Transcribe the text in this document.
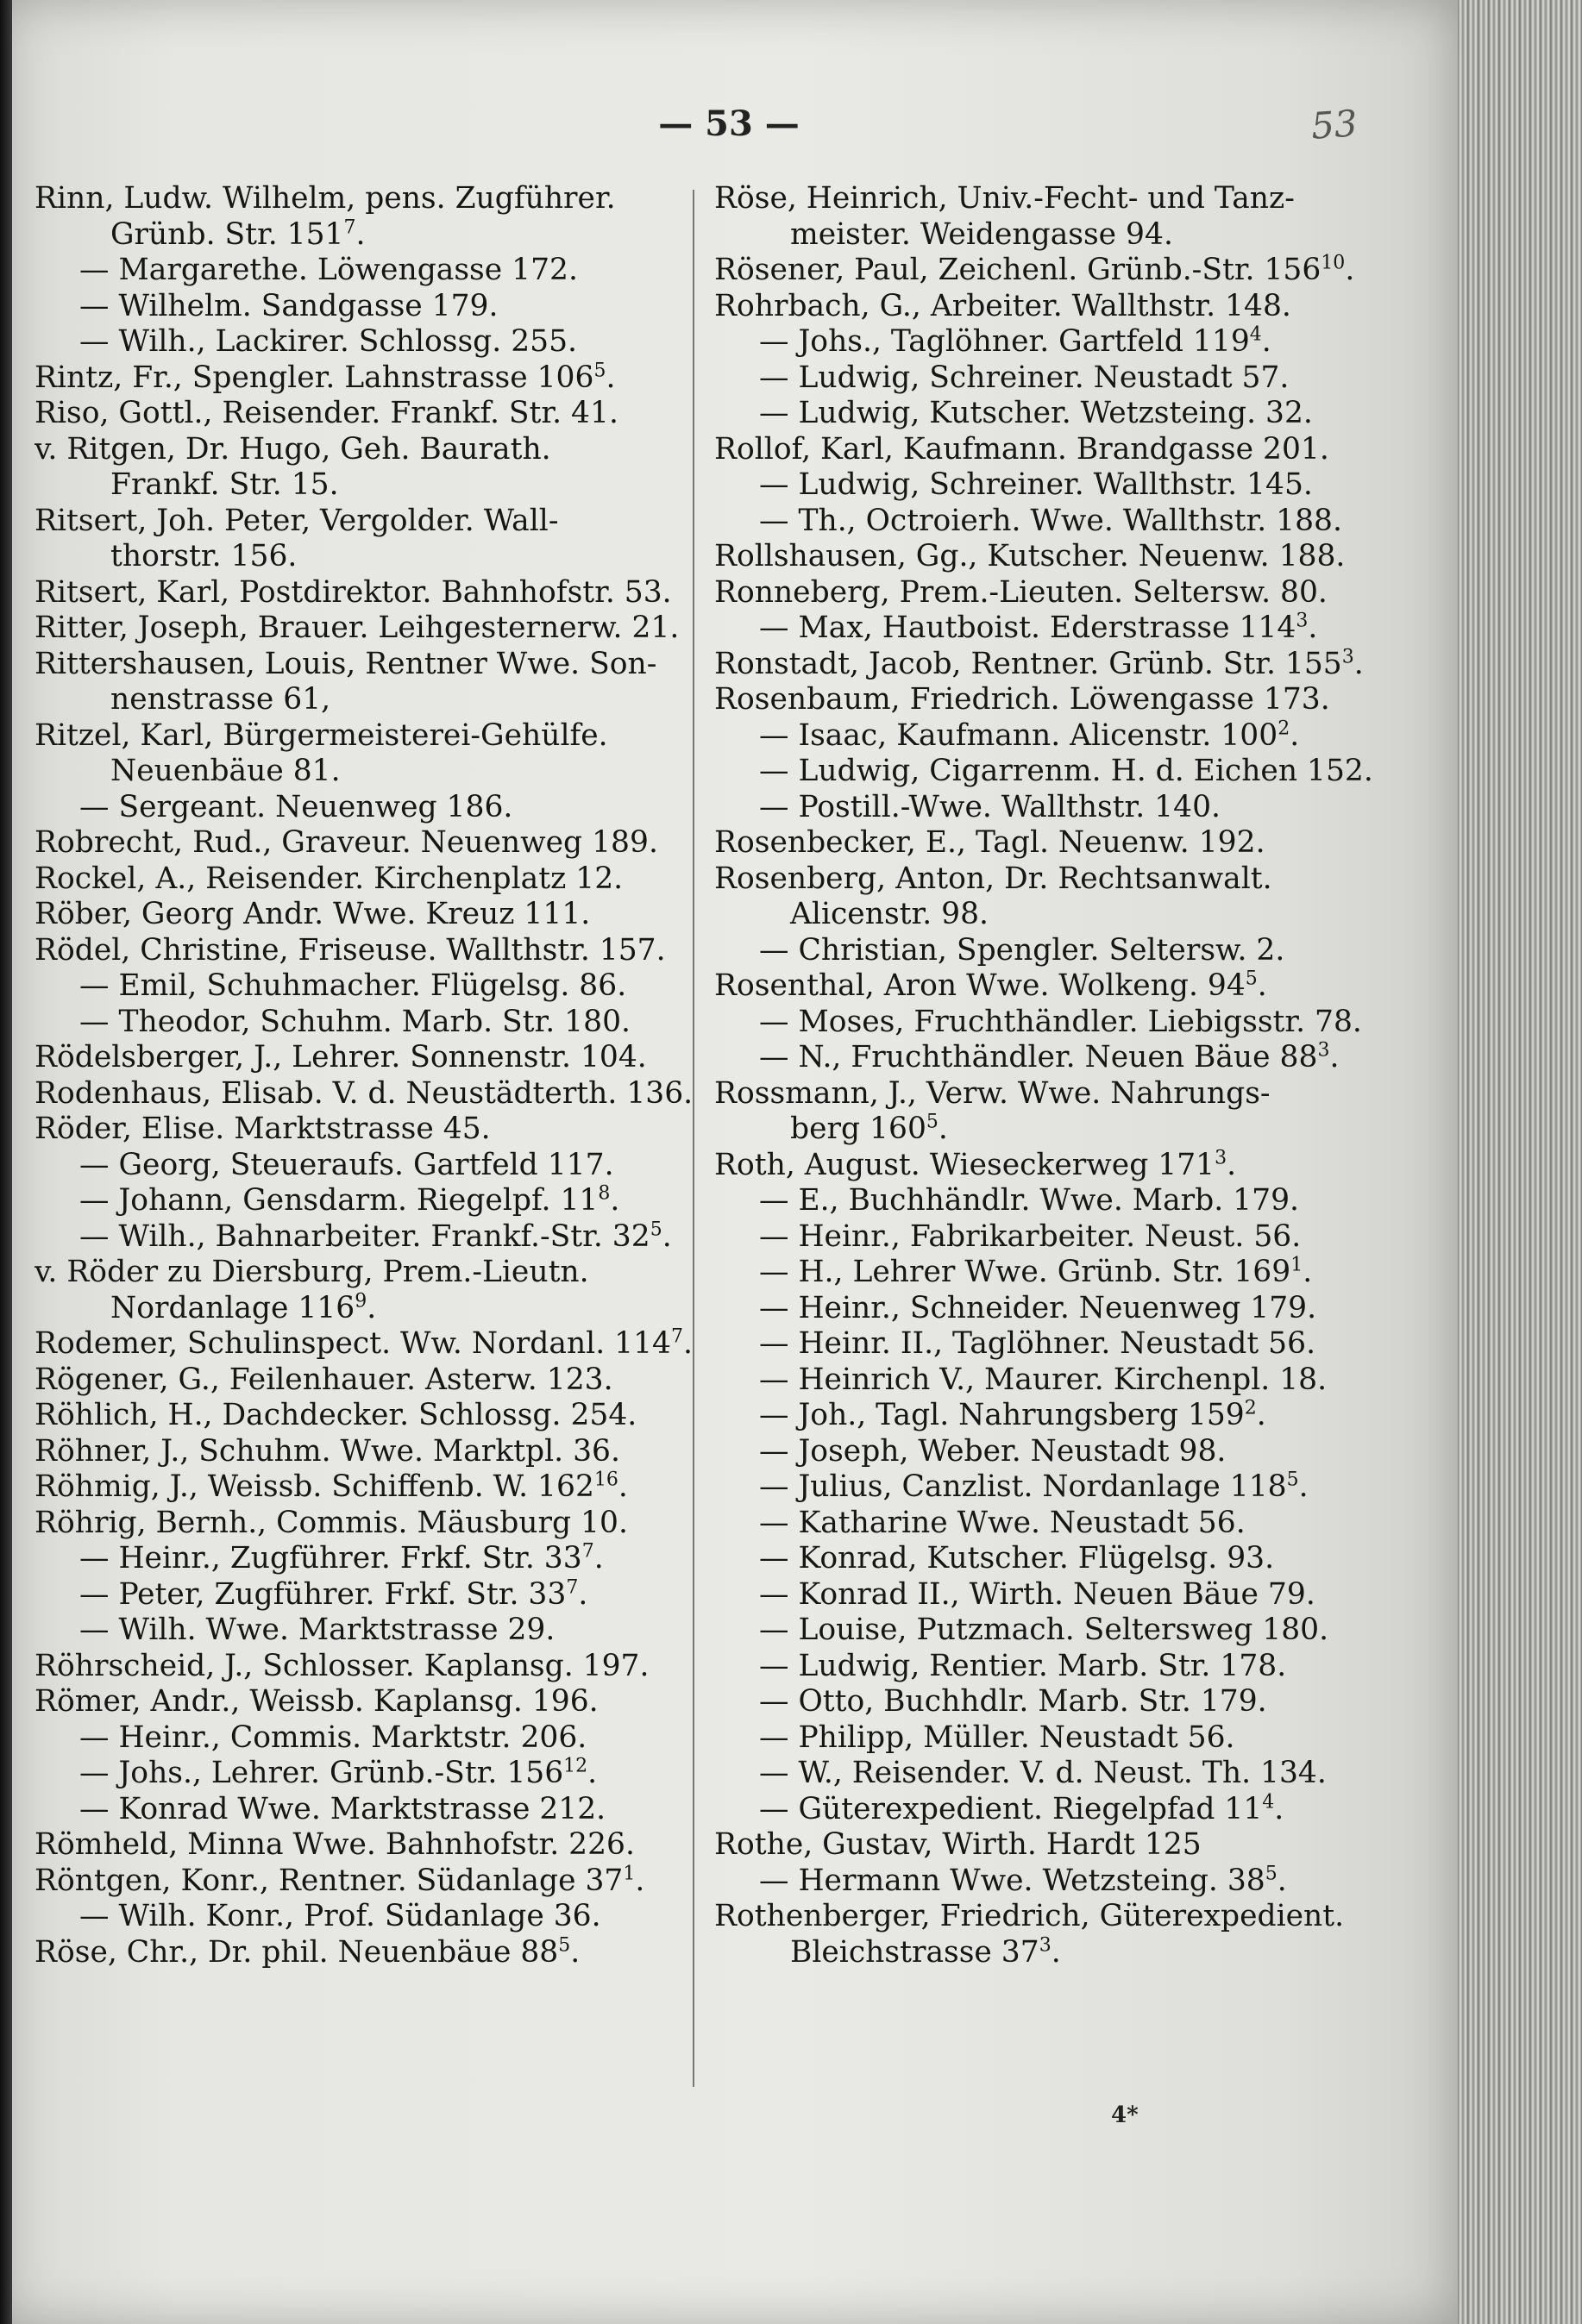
— 53 —	53
Rinn, Ludw. Wilhelm, pens. Zugführer.
Grünb. Str. $151^7$.
— Margarethe. Löwengasse 172.
— Wilhelm. Sandgasse 179.
— Wilh., Lackirer. Schlossg. 255.
Rintz, Fr., Spengler. Lahnstrasse $106^5$.
Riso, Gottl., Reisender. Frankf. Str. 41.
v. Ritgen, Dr. Hugo, Geh. Baurath.
Frankf. Str. 15.
Ritsert, Joh. Peter, Vergolder. Wall-
thorstr. 156.
Ritsert, Karl, Postdirektor. Bahnhofstr. 53.
Ritter, Joseph, Brauer. Leihgesternerw. 21.
Rittershausen, Louis, Rentner Wwe. Son-
nenstrasse 61,
Ritzel, Karl, Bürgermeisterei-Gehülfe.
Neuenbäue 81.
— Sergeant. Neuenweg 186.
Robrecht, Rud., Graveur. Neuenweg 189.
Rockel, A., Reisender. Kirchenplatz 12.
Röber, Georg Andr. Wwe. Kreuz 111.
Rödel, Christine, Friseuse. Wallthstr. 157.
— Emil, Schuhmacher. Flügelsg. 86.
— Theodor, Schuhm. Marb. Str. 180.
Rödelsberger, J., Lehrer. Sonnenstr. 104.
Rodenhaus, Elisab. V. d. Neustädterth. 136.
Röder, Elise. Marktstrasse 45.
— Georg, Steueraufs. Gartfeld 117.
— Johann, Gensdarm. Riegelpf. $11^8$.
— Wilh., Bahnarbeiter. Frankf.-Str. $32^5$.
v. Röder zu Diersburg, Prem.-Lieutn.
Nordanlage $116^9$.
Rodemer, Schulinspect. Ww. Nordanl. $114^7$.
Rögener, G., Feilenhauer. Asterw. 123.
Röhlich, H., Dachdecker. Schlossg. 254.
Röhner, J., Schuhm. Wwe. Marktpl. 36.
Röhmig, J., Weissb. Schiffenb. W. $162^{16}$.
Röhrig, Bernh., Commis. Mäusburg 10.
— Heinr., Zugführer. Frkf. Str. $33^7$.
— Peter, Zugführer. Frkf. Str. $33^7$.
— Wilh. Wwe. Marktstrasse 29.
Röhrscheid, J., Schlosser. Kaplansg. 197.
Römer, Andr., Weissb. Kaplansg. 196.
— Heinr., Commis. Marktstr. 206.
— Johs., Lehrer. Grünb.-Str. $156^{12}$.
— Konrad Wwe. Marktstrasse 212.
Römheld, Minna Wwe. Bahnhofstr. 226.
Röntgen, Konr., Rentner. Südanlage $37^1$.
— Wilh. Konr., Prof. Südanlage 36.
Röse, Chr., Dr. phil. Neuenbäue $88^5$.
Röse, Heinrich, Univ.-Fecht- und Tanz-
meister. Weidengasse 94.
Rösener, Paul, Zeichenl. Grünb.-Str. $156^{10}$.
Rohrbach, G., Arbeiter. Wallthstr. 148.
— Johs., Taglöhner. Gartfeld $119^4$.
— Ludwig, Schreiner. Neustadt 57.
— Ludwig, Kutscher. Wetzsteing. 32.
Rollof, Karl, Kaufmann. Brandgasse 201.
— Ludwig, Schreiner. Wallthstr. 145.
— Th., Octroierh. Wwe. Wallthstr. 188.
Rollshausen, Gg., Kutscher. Neuenw. 188.
Ronneberg, Prem.-Lieuten. Seltersw. 80.
— Max, Hautboist. Ederstrasse $114^3$.
Ronstadt, Jacob, Rentner. Grünb. Str. $155^3$.
Rosenbaum, Friedrich. Löwengasse 173.
— Isaac, Kaufmann. Alicenstr. $100^2$.
— Ludwig, Cigarrenm. H. d. Eichen 152.
— Postill.-Wwe. Wallthstr. 140.
Rosenbecker, E., Tagl. Neuenw. 192.
Rosenberg, Anton, Dr. Rechtsanwalt.
Alicenstr. 98.
— Christian, Spengler. Seltersw. 2.
Rosenthal, Aron Wwe. Wolkeng. $94^5$.
— Moses, Fruchthändler. Liebigsstr. 78.
— N., Fruchthändler. Neuen Bäue $88^3$.
Rossmann, J., Verw. Wwe. Nahrungs-
berg $160^5$.
Roth, August. Wieseckerweg $171^3$.
— E., Buchhändlr. Wwe. Marb. 179.
— Heinr., Fabrikarbeiter. Neust. 56.
— H., Lehrer Wwe. Grünb. Str. $169^1$.
— Heinr., Schneider. Neuenweg 179.
— Heinr. II., Taglöhner. Neustadt 56.
— Heinrich V., Maurer. Kirchenpl. 18.
— Joh., Tagl. Nahrungsberg $159^2$.
— Joseph, Weber. Neustadt 98.
— Julius, Canzlist. Nordanlage $118^5$.
— Katharine Wwe. Neustadt 56.
— Konrad, Kutscher. Flügelsg. 93.
— Konrad II., Wirth. Neuen Bäue 79.
— Louise, Putzmach. Seltersweg 180.
— Ludwig, Rentier. Marb. Str. 178.
— Otto, Buchhdlr. Marb. Str. 179.
— Philipp, Müller. Neustadt 56.
— W., Reisender. V. d. Neust. Th. 134.
— Güterexpedient. Riegelpfad $11^4$.
Rothe, Gustav, Wirth. Hardt 125
— Hermann Wwe. Wetzsteing. $38^5$.
Rothenberger, Friedrich, Güterexpedient.
Bleichstrasse $37^3$.
4*
